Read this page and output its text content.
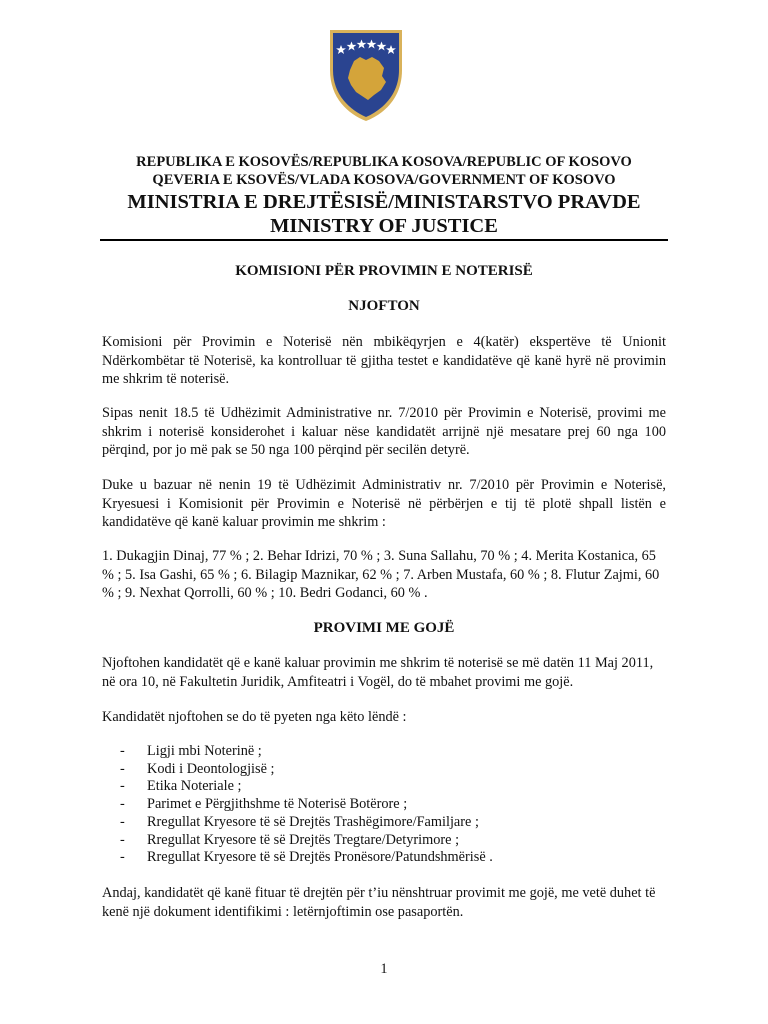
REPUBLIKA E KOSOVËS/REPUBLIKA KOSOVA/REPUBLIC OF KOSOVO
QEVERIA E KSOVËS/VLADA KOSOVA/GOVERNMENT OF KOSOVO
MINISTRIA E DREJTËSISË/MINISTARSTVO PRAVDE
MINISTRY OF JUSTICE
KOMISIONI PËR PROVIMIN E NOTERISË
NJOFTON

Komisioni për Provimin e Noterisë nën mbikëqyrjen e 4(katër) ekspertëve të Unionit Ndërkombëtar të Noterisë, ka kontrolluar të gjitha testet e kandidatëve që kanë hyrë në provimin me shkrim të noterisë.

Sipas nenit 18.5 të Udhëzimit Administrative nr. 7/2010 për Provimin e Noterisë, provimi me shkrim i noterisë konsiderohet i kaluar nëse kandidatët arrijnë një mesatare prej 60 nga 100 përqind, por jo më pak se 50 nga 100 përqind për secilën detyrë.

Duke u bazuar në nenin 19 të Udhëzimit Administrativ nr. 7/2010 për Provimin e Noterisë, Kryesuesi i Komisionit për Provimin e Noterisë në përbërjen e tij të plotë shpall listën e kandidatëve që kanë kaluar provimin me shkrim :

1. Dukagjin Dinaj, 77 % ; 2. Behar Idrizi, 70 % ; 3. Suna Sallahu, 70 % ; 4. Merita Kostanica, 65 % ; 5. Isa Gashi, 65 % ; 6. Bilagip Maznikar, 62 % ; 7. Arben Mustafa, 60 % ; 8. Flutur Zajmi, 60 % ; 9. Nexhat Qorrolli, 60 % ; 10. Bedri Godanci, 60 % .

PROVIMI ME GOJË

Njoftohen kandidatët që e kanë kaluar provimin me shkrim të noterisë se më datën 11 Maj 2011, në ora 10, në Fakultetin Juridik, Amfiteatri i Vogël, do të mbahet provimi me gojë.

Kandidatët njoftohen se do të pyeten nga këto lëndë :

- Ligji mbi Noterinë ;
- Kodi i Deontologjisë ;
- Etika Noteriale ;
- Parimet e Përgjithshme të Noterisë Botërore ;
- Rregullat Kryesore të së Drejtës Trashëgimore/Familjare ;
- Rregullat Kryesore të së Drejtës Tregtare/Detyrimore ;
- Rregullat Kryesore të së Drejtës Pronësore/Patundshmërisë .

Andaj, kandidatët që kanë fituar të drejtën për t’iu nënshtruar provimit me gojë, me vetë duhet të kenë një dokument identifikimi : letërnjoftimin ose pasaportën.

1
